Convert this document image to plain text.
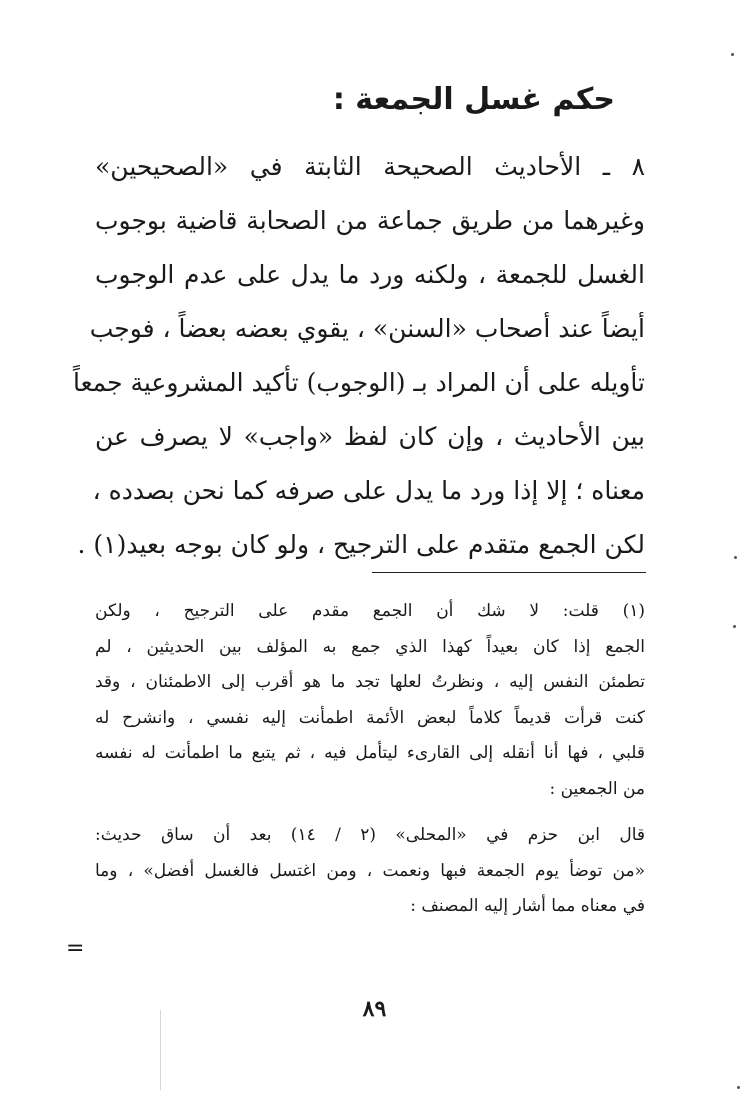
حكم غسل الجمعة :
٨ ـ الأحاديث الصحيحة الثابتة في «الصحيحين»
وغيرهما من طريق جماعة من الصحابة قاضية بوجوب
الغسل للجمعة ، ولكنه ورد ما يدل على عدم الوجوب
أيضاً عند أصحاب «السنن» ، يقوي بعضه بعضاً ، فوجب
تأويله على أن المراد بـ (الوجوب) تأكيد المشروعية جمعاً
بين الأحاديث ، وإن كان لفظ «واجب» لا يصرف عن
معناه ؛ إلا إذا ورد ما يدل على صرفه كما نحن بصدده ،
لكن الجمع متقدم على الترجيح ، ولو كان بوجه بعيد(١) .
(١) قلت: لا شك أن الجمع مقدم على الترجيح ، ولكن
الجمع إذا كان بعيداً كهذا الذي جمع به المؤلف بين الحديثين ، لم
تطمئن النفس إليه ، ونظرتُ لعلها تجد ما هو أقرب إلى الاطمئنان ، وقد
كنت قرأت قديماً كلاماً لبعض الأئمة اطمأنت إليه نفسي ، وانشرح له
قلبي ، فها أنا أنقله إلى القارىء ليتأمل فيه ، ثم يتبع ما اطمأنت له نفسه
من الجمعين :
قال ابن حزم في «المحلى» (٢ / ١٤) بعد أن ساق حديث:
«من توضأ يوم الجمعة فبها ونعمت ، ومن اغتسل فالغسل أفضل» ، وما
في معناه مما أشار إليه المصنف :
=
٨٩
